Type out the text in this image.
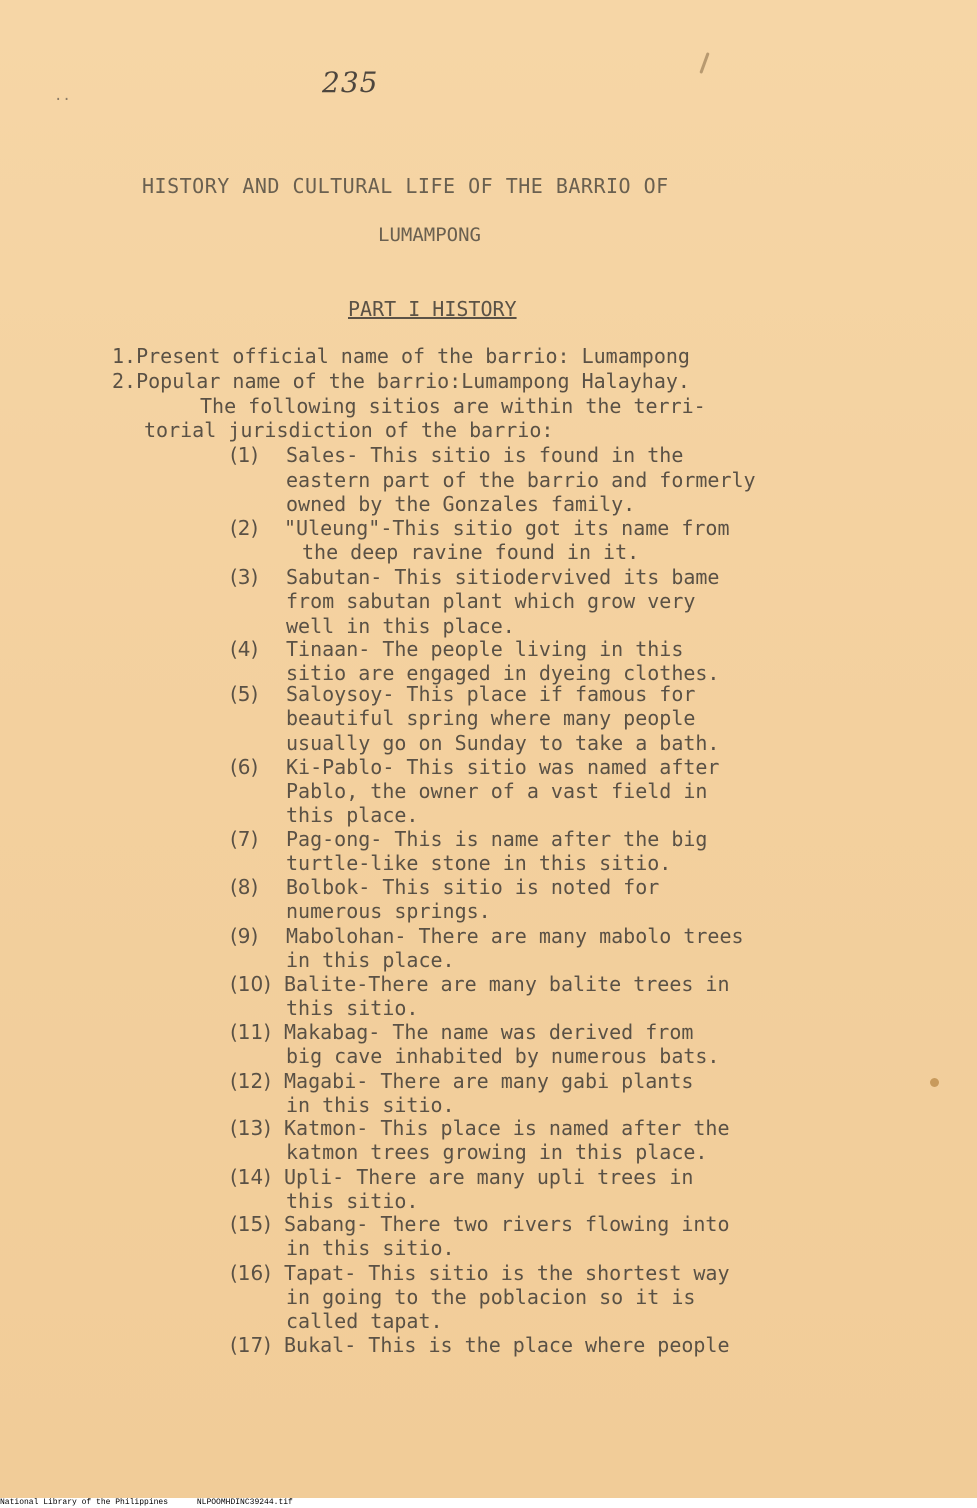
..	235
HISTORY AND CULTURAL LIFE OF THE BARRIO OF
LUMAMPONG
PART I HISTORY
1.Present official name of the barrio: Lumampong
2.Popular name of the barrio:Lumampong Halayhay.
The following sitios are within the terri-
torial jurisdiction of the barrio:
(1) Sales- This sitio is found in the
eastern part of the barrio and formerly
owned by the Gonzales family.
(2) "Uleung"-This sitio got its name from
the deep ravine found in it.
(3) Sabutan- This sitiodervived its bame
from sabutan plant which grow very
well in this place.
(4) Tinaan- The people living in this
sitio are engaged in dyeing clothes.
(5) Saloysoy- This place if famous for
beautiful spring where many people
usually go on Sunday to take a bath.
(6) Ki-Pablo- This sitio was named after
Pablo, the owner of a vast field in
this place.
(7) Pag-ong- This is name after the big
turtle-like stone in this sitio.
(8) Bolbok- This sitio is noted for
numerous springs.
(9) Mabolohan- There are many mabolo trees
in this place.
(10) Balite-There are many balite trees in
this sitio.
(11) Makabag- The name was derived from
big cave inhabited by numerous bats.
(12) Magabi- There are many gabi plants
in this sitio.
(13) Katmon- This place is named after the
katmon trees growing in this place.
(14) Upli- There are many upli trees in
this sitio.
(15) Sabang- There two rivers flowing into
in this sitio.
(16) Tapat- This sitio is the shortest way
in going to the poblacion so it is
called tapat.
(17) Bukal- This is the place where people
National Library of the Philippines	NLPOOMHDINC39244.tif
